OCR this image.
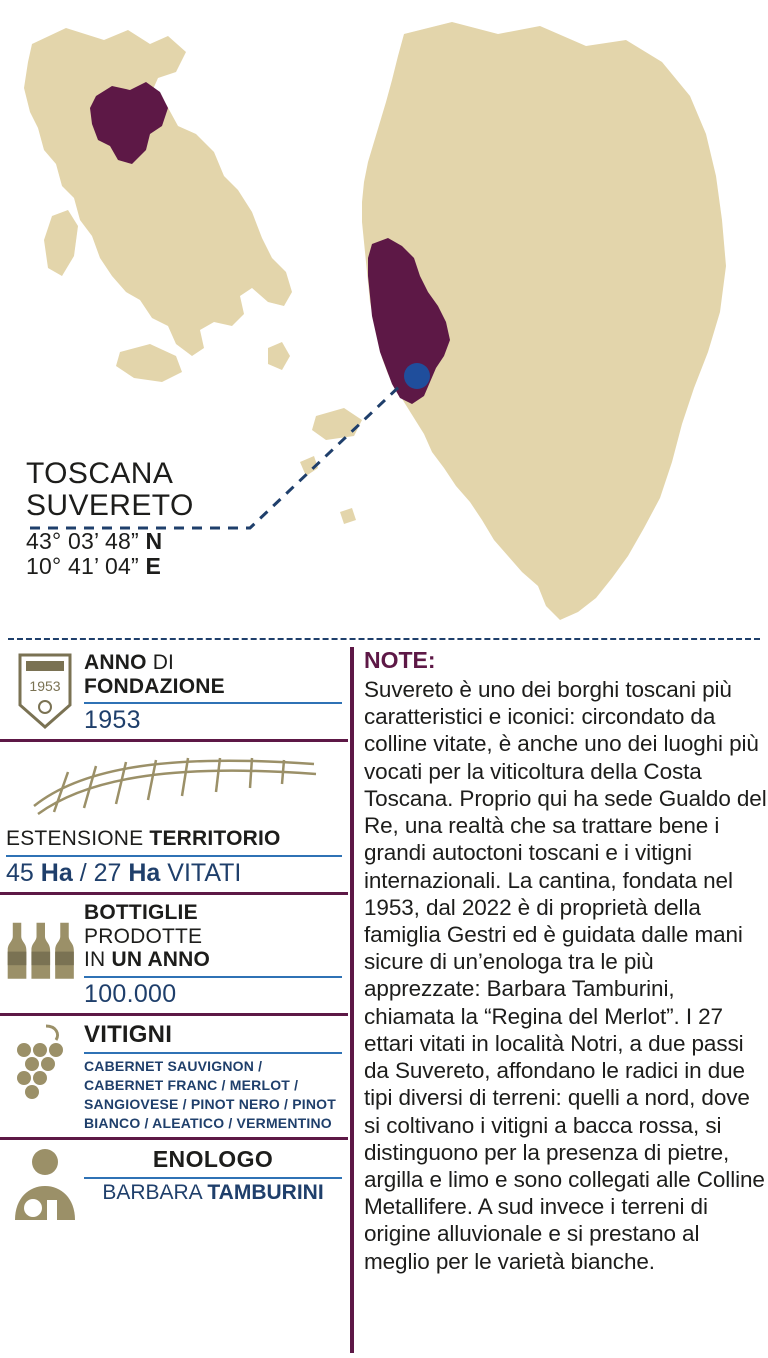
TOSCANA
SUVERETO
43° 03’ 48” N
10° 41’ 04” E
1953
ANNO DI
FONDAZIONE
1953
ESTENSIONE TERRITORIO
45 Ha / 27 Ha VITATI
BOTTIGLIE
PRODOTTE
IN UN ANNO
100.000
VITIGNI
CABERNET SAUVIGNON / CABERNET FRANC / MERLOT / SANGIOVESE / PINOT NERO / PINOT BIANCO / ALEATICO / VERMENTINO
ENOLOGO
BARBARA TAMBURINI
NOTE:
Suvereto è uno dei borghi toscani più caratteristici e iconici: circondato da colline vitate, è anche uno dei luoghi più vocati per la viticoltura della Costa Toscana. Proprio qui ha sede Gualdo del Re, una realtà che sa trattare bene i grandi autoctoni toscani e i vitigni internazionali. La cantina, fondata nel 1953, dal 2022 è di proprietà della famiglia Gestri ed è guidata dalle mani sicure di un’enologa tra le più apprezzate: Barbara Tamburini, chiamata la “Regina del Merlot”. I 27 ettari vitati in località Notri, a due passi da Suvereto, affondano le radici in due tipi diversi di terreni: quelli a nord, dove si coltivano i vitigni a bacca rossa, si distinguono per la presenza di pietre, argilla e limo e sono collegati alle Colline Metallifere. A sud invece i terreni di origine alluvionale e si prestano al meglio per le varietà bianche.
